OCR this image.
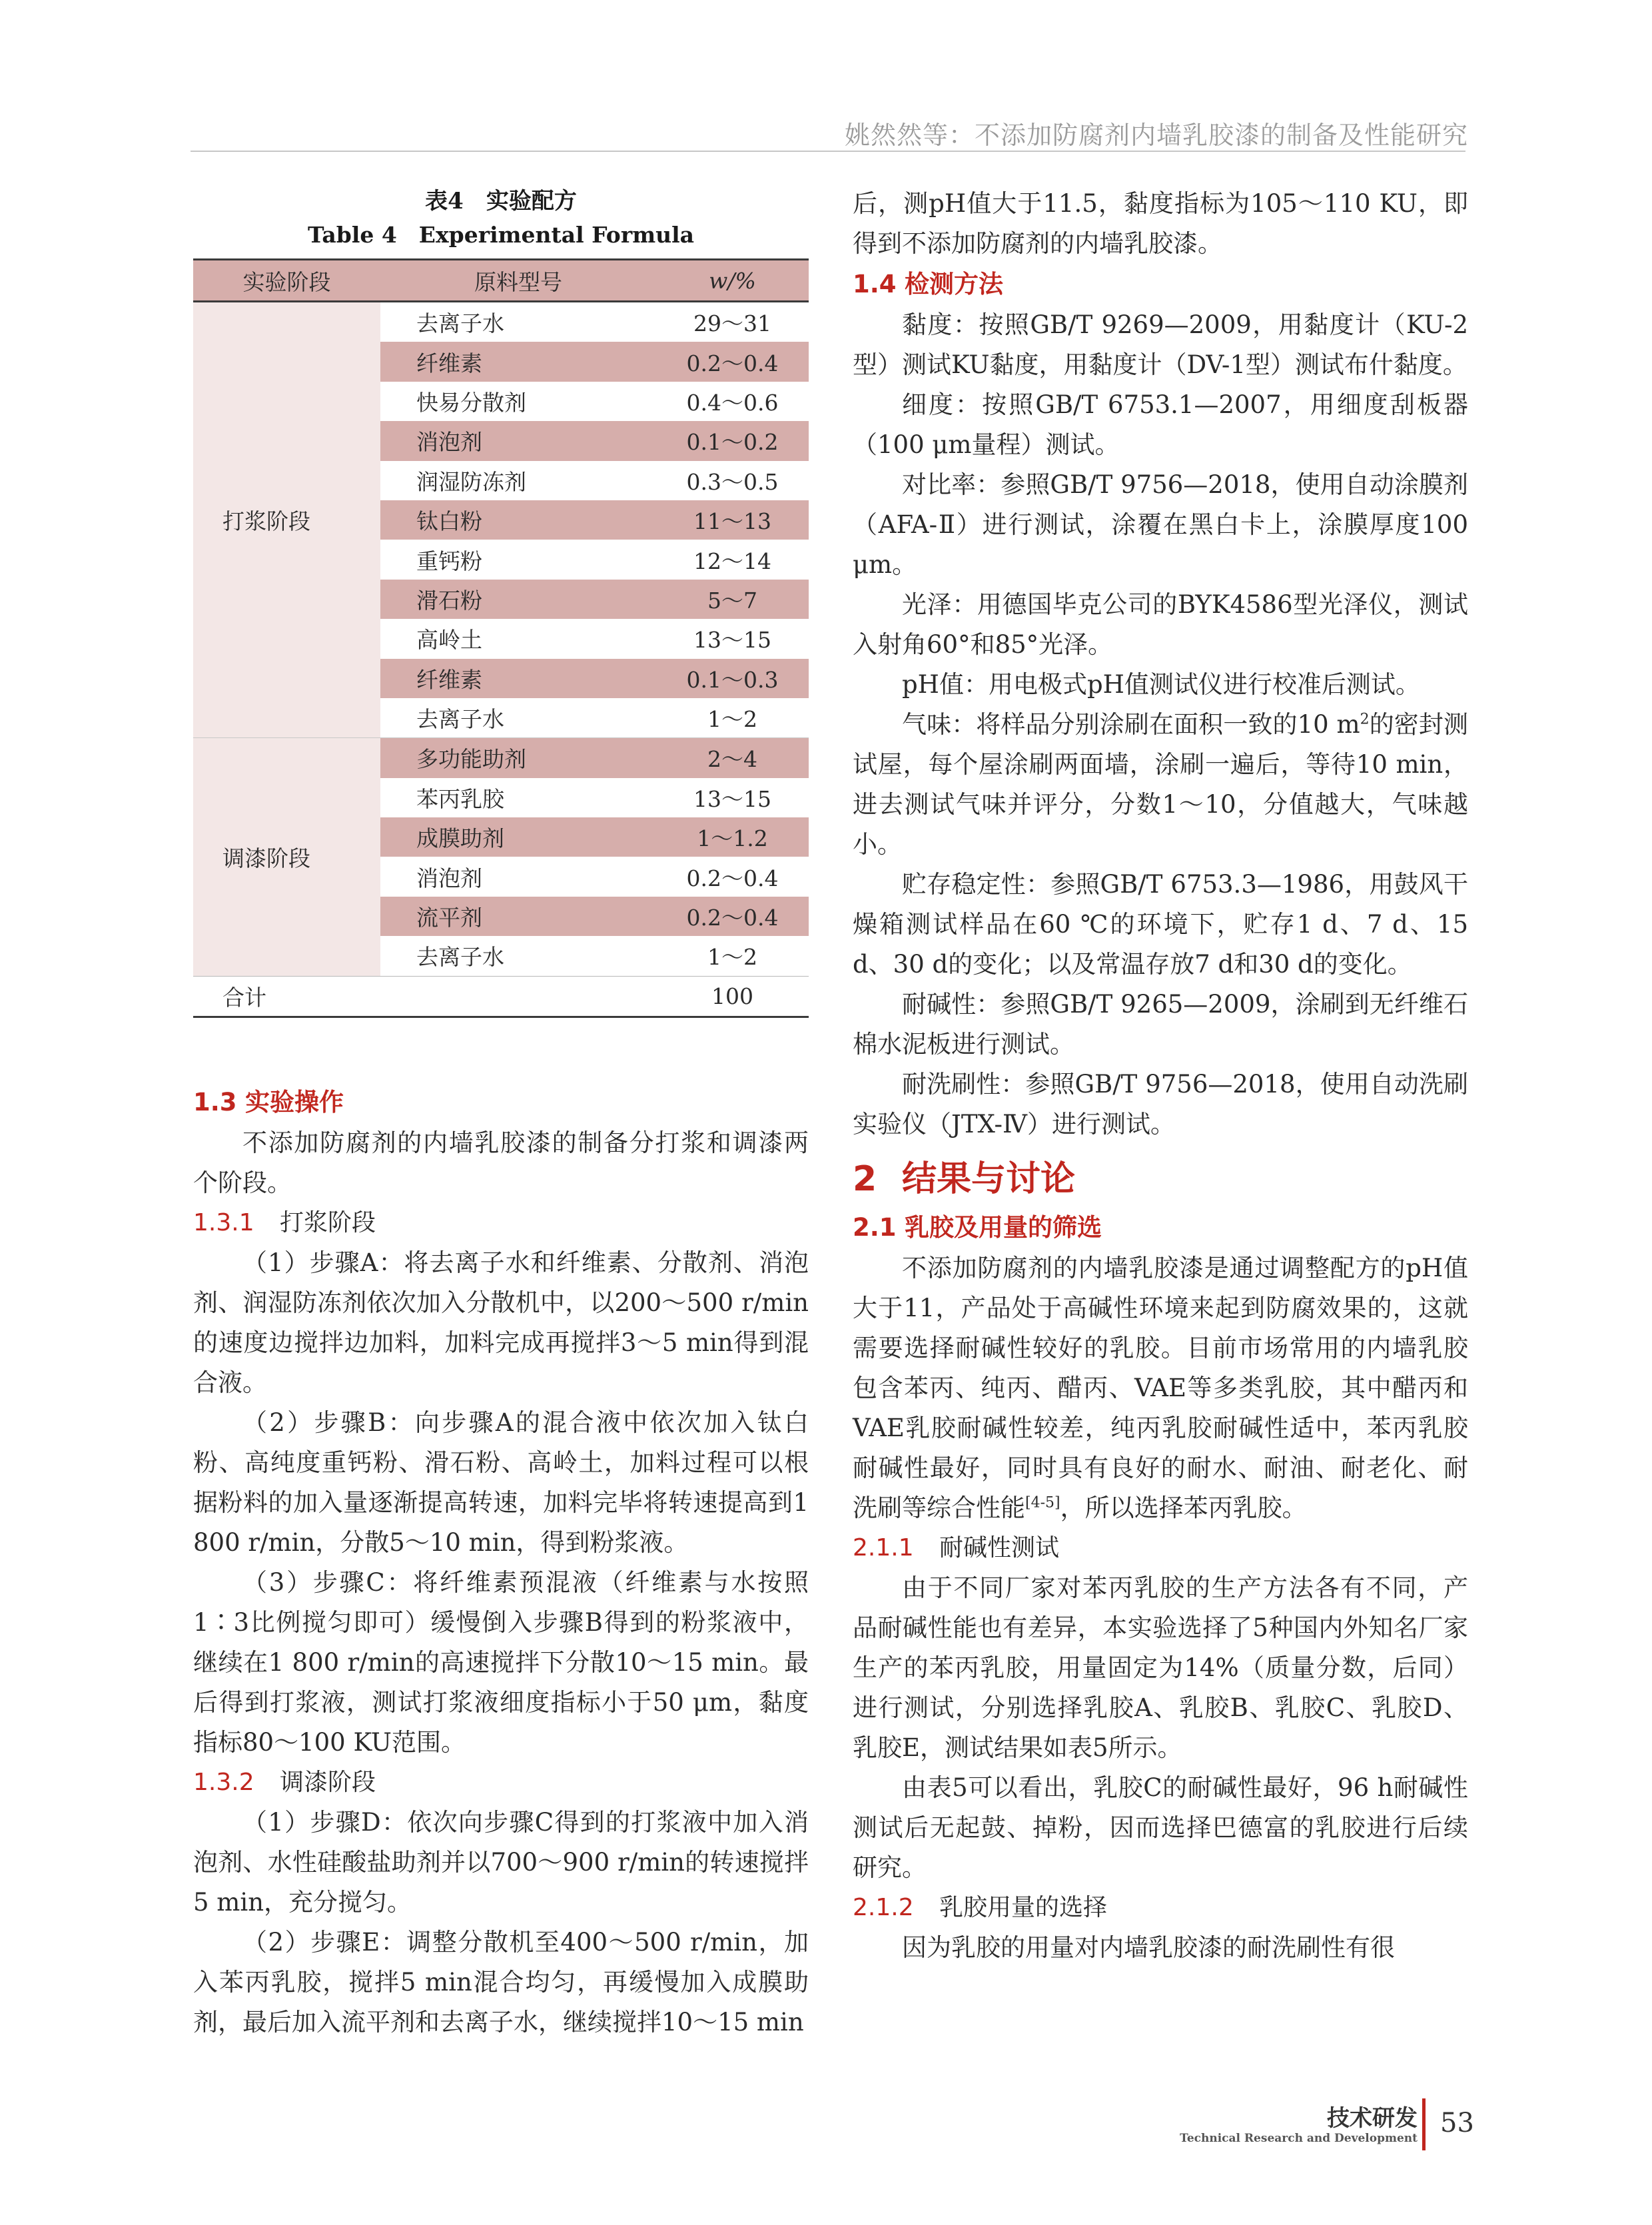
姚然然等：不添加防腐剂内墙乳胶漆的制备及性能研究
表4　实验配方
Table 4　Experimental Formula
实验阶段	原料型号	w/%
打浆阶段	去离子水	29～31
	纤维素	0.2～0.4
	快易分散剂	0.4～0.6
	消泡剂	0.1～0.2
	润湿防冻剂	0.3～0.5
	钛白粉	11～13
	重钙粉	12～14
	滑石粉	5～7
	高岭土	13～15
	纤维素	0.1～0.3
	去离子水	1～2
调漆阶段	多功能助剂	2～4
	苯丙乳胶	13～15
	成膜助剂	1～1.2
	消泡剂	0.2～0.4
	流平剂	0.2～0.4
	去离子水	1～2
合计		100

1.3 实验操作

不添加防腐剂的内墙乳胶漆的制备分打浆和调漆两个阶段。

1.3.1 打浆阶段

（1）步骤A：将去离子水和纤维素、分散剂、消泡剂、润湿防冻剂依次加入分散机中，以200～500 r/min的速度边搅拌边加料，加料完成再搅拌3～5 min得到混合液。

（2）步骤B：向步骤A的混合液中依次加入钛白粉、高纯度重钙粉、滑石粉、高岭土，加料过程可以根据粉料的加入量逐渐提高转速，加料完毕将转速提高到1 800 r/min，分散5～10 min，得到粉浆液。

（3）步骤C：将纤维素预混液（纤维素与水按照1∶3比例搅匀即可）缓慢倒入步骤B得到的粉浆液中，继续在1 800 r/min的高速搅拌下分散10～15 min。最后得到打浆液，测试打浆液细度指标小于50 μm，黏度指标80～100 KU范围。

1.3.2 调漆阶段

（1）步骤D：依次向步骤C得到的打浆液中加入消泡剂、水性硅酸盐助剂并以700～900 r/min的转速搅拌5 min，充分搅匀。

（2）步骤E：调整分散机至400～500 r/min，加入苯丙乳胶，搅拌5 min混合均匀，再缓慢加入成膜助剂，最后加入流平剂和去离子水，继续搅拌10～15 min

后，测pH值大于11.5，黏度指标为105～110 KU，即得到不添加防腐剂的内墙乳胶漆。

1.4 检测方法

黏度：按照GB/T 9269—2009，用黏度计（KU-2型）测试KU黏度，用黏度计（DV-1型）测试布什黏度。

细度：按照GB/T 6753.1—2007，用细度刮板器（100 μm量程）测试。

对比率：参照GB/T 9756—2018，使用自动涂膜剂（AFA-Ⅱ）进行测试，涂覆在黑白卡上，涂膜厚度100 μm。

光泽：用德国毕克公司的BYK4586型光泽仪，测试入射角60°和85°光泽。

pH值：用电极式pH值测试仪进行校准后测试。

气味：将样品分别涂刷在面积一致的10 $m^2$的密封测试屋，每个屋涂刷两面墙，涂刷一遍后，等待10 min，进去测试气味并评分，分数1～10，分值越大，气味越小。

贮存稳定性：参照GB/T 6753.3—1986，用鼓风干燥箱测试样品在60 ℃的环境下，贮存1 d、7 d、15 d、30 d的变化；以及常温存放7 d和30 d的变化。

耐碱性：参照GB/T 9265—2009，涂刷到无纤维石棉水泥板进行测试。

耐洗刷性：参照GB/T 9756—2018，使用自动洗刷实验仪（JTX-Ⅳ）进行测试。

2 结果与讨论

2.1 乳胶及用量的筛选

不添加防腐剂的内墙乳胶漆是通过调整配方的pH值大于11，产品处于高碱性环境来起到防腐效果的，这就需要选择耐碱性较好的乳胶。目前市场常用的内墙乳胶包含苯丙、纯丙、醋丙、VAE等多类乳胶，其中醋丙和VAE乳胶耐碱性较差，纯丙乳胶耐碱性适中，苯丙乳胶耐碱性最好，同时具有良好的耐水、耐油、耐老化、耐洗刷等综合性能[4-5]，所以选择苯丙乳胶。

2.1.1 耐碱性测试

由于不同厂家对苯丙乳胶的生产方法各有不同，产品耐碱性能也有差异，本实验选择了5种国内外知名厂家生产的苯丙乳胶，用量固定为14%（质量分数，后同）进行测试，分别选择乳胶A、乳胶B、乳胶C、乳胶D、乳胶E，测试结果如表5所示。

由表5可以看出，乳胶C的耐碱性最好，96 h耐碱性测试后无起鼓、掉粉，因而选择巴德富的乳胶进行后续研究。

2.1.2 乳胶用量的选择

因为乳胶的用量对内墙乳胶漆的耐洗刷性有很

技术研发
Technical Research and Development 53
